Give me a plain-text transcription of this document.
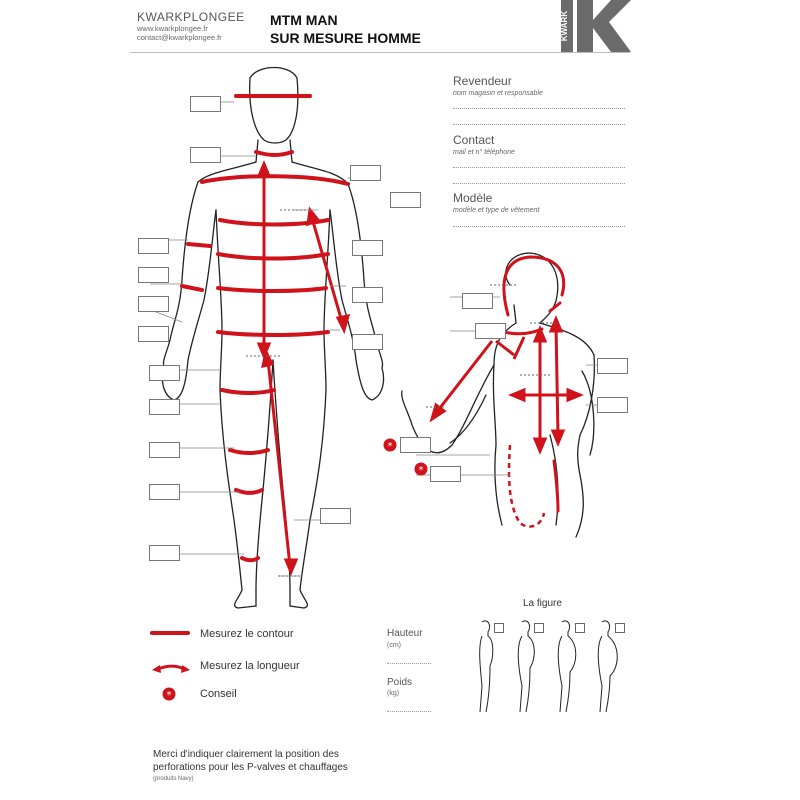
KWARKPLONGEE
www.kwarkplongee.fr
contact@kwarkplongee.fr
MTM MAN
SUR MESURE HOMME	KWARK
Revendeur
nom magasin et responsable
Contact
mail et n° téléphone
Modèle
modèle et type de vêtement
*
*
Mesurez le contour
Mesurez la longueur
*	Conseil
Hauteur
(cm)
Poids
(kg)
La figure
Merci d'indiquer clairement la position des
perforations pour les P-valves et chauffages
(produits Navy)
